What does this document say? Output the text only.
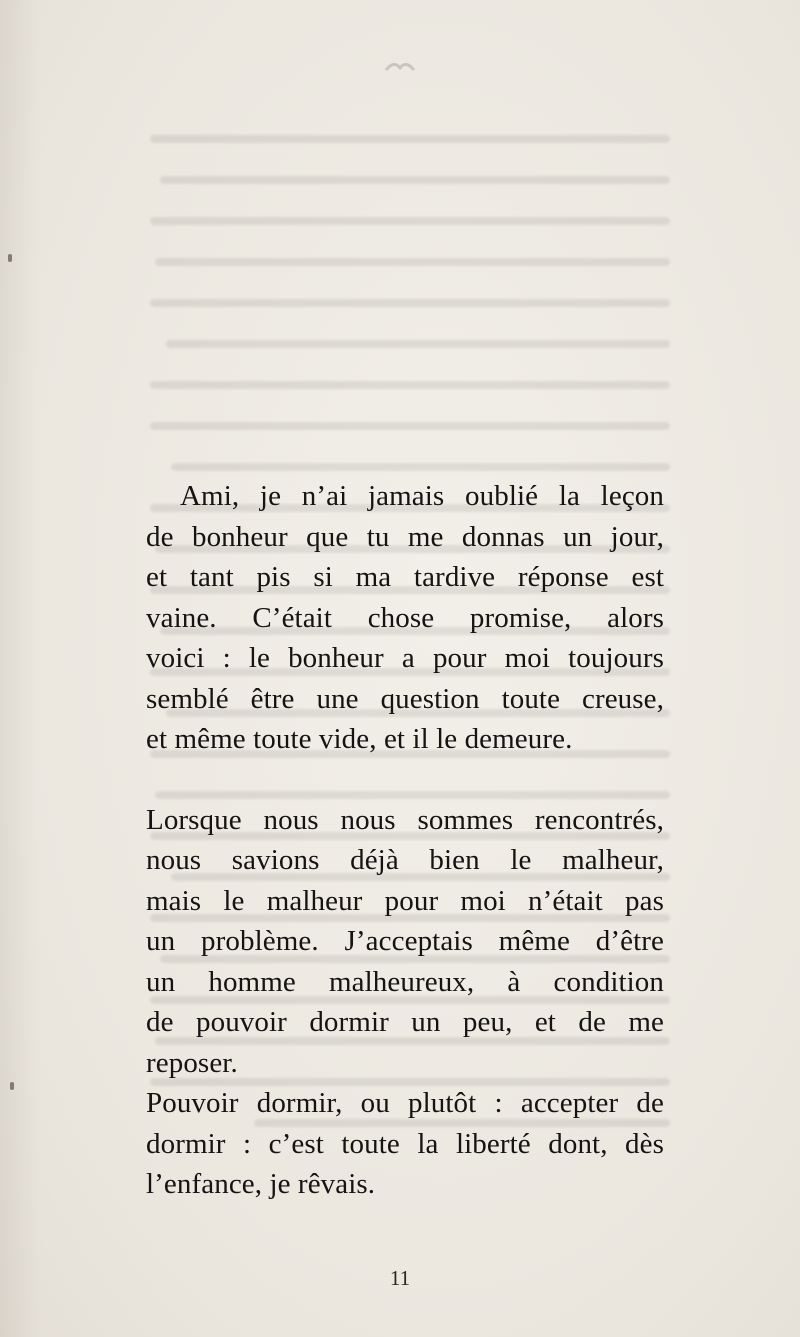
Ami, je n’ai jamais oublié la leçon
de bonheur que tu me donnas un jour,
et tant pis si ma tardive réponse est
vaine. C’était chose promise, alors
voici : le bonheur a pour moi toujours
semblé être une question toute creuse,
et même toute vide, et il le demeure.

Lorsque nous nous sommes rencontrés,
nous savions déjà bien le malheur,
mais le malheur pour moi n’était pas
un problème. J’acceptais même d’être
un homme malheureux, à condition
de pouvoir dormir un peu, et de me
reposer.

Pouvoir dormir, ou plutôt : accepter de
dormir : c’est toute la liberté dont, dès
l’enfance, je rêvais.

11
